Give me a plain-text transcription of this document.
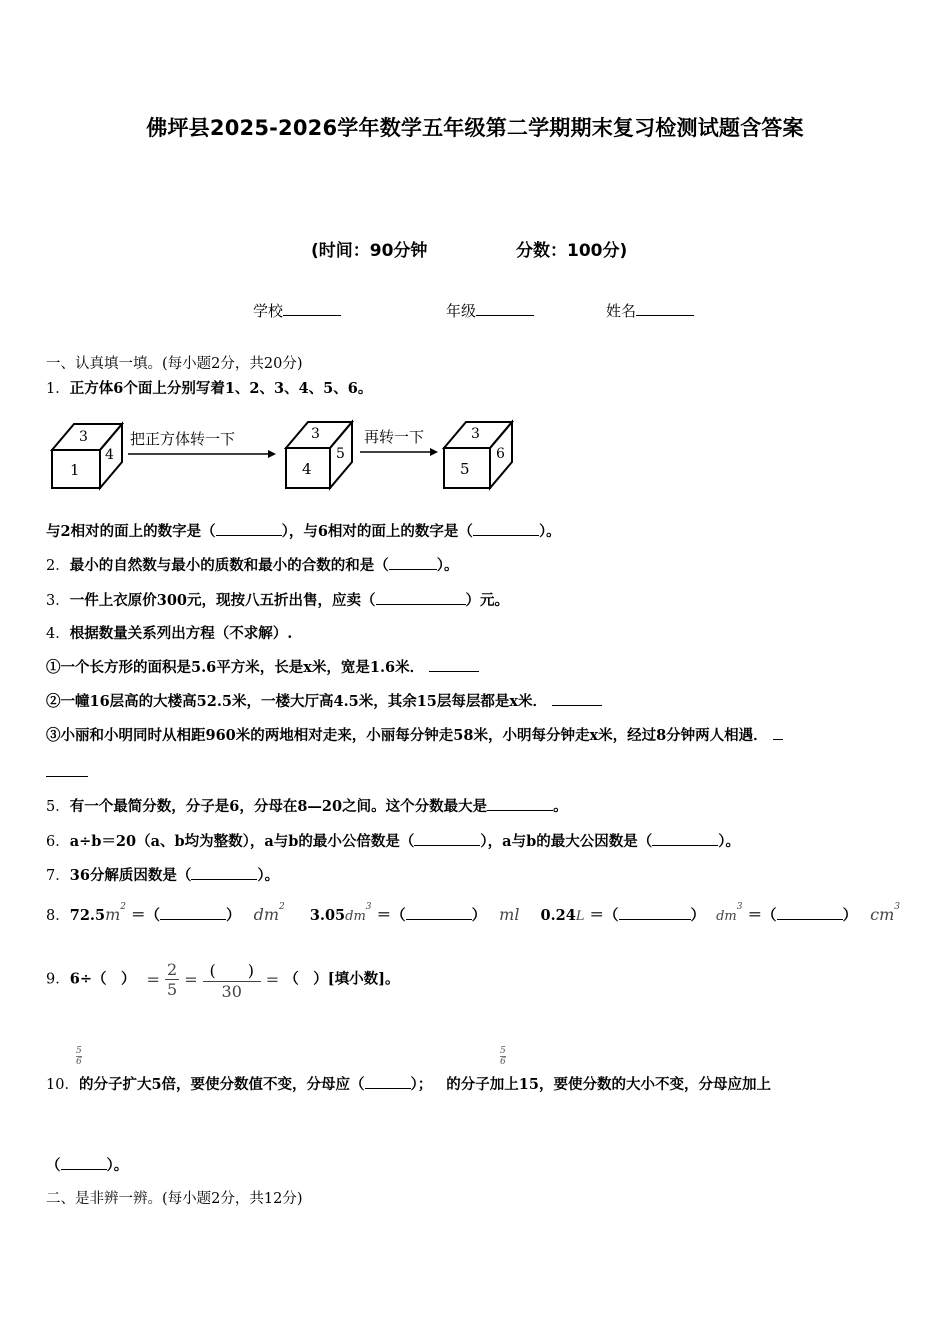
佛坪县2025-2026学年数学五年级第二学期期末复习检测试题含答案
(时间：90分钟	分数：100分)
学校	年级	姓名
一、认真填一填。(每小题2分，共20分)
1．正方体6个面上分别写着1、2、3、4、5、6。
3
1
4
把正方体转一下	3
4
5
再转一下	3
5
6
与2相对的面上的数字是（	），与6相对的面上的数字是（	）。
2．最小的自然数与最小的质数和最小的合数的和是（	）。
3．一件上衣原价300元，现按八五折出售，应卖（	）元。
4．根据数量关系列出方程（不求解）.
①一个长方形的面积是5.6平方米，长是x米，宽是1.6米．
②一幢16层高的大楼高52.5米，一楼大厅高4.5米，其余15层每层都是x米．
③小丽和小明同时从相距960米的两地相对走来，小丽每分钟走58米，小明每分钟走x米，经过8分钟两人相遇．
5．有一个最简分数，分子是6，分母在8—20之间。这个分数最大是	。
6．a÷b＝20（a、b均为整数），a与b的最小公倍数是（	），a与b的最大公因数是（	）。
7．36分解质因数是（	）。
8．$72.5m^2$ ＝（	） $dm^2$ $3.05dm^3$ ＝（	） ml 0.24L ＝（	） $dm^3$ ＝（	） $cm^3$
9．6÷（　） = $\frac{2}{5} = \frac{( )}{30}$ = （　）[填小数]。
$\frac{5}{6}$	$\frac{5}{6}$
10．的分子扩大5倍，要使分数值不变，分母应（	）； 的分子加上15，要使分数的大小不变，分母应加上
（	）。
二、是非辨一辨。(每小题2分，共12分)
